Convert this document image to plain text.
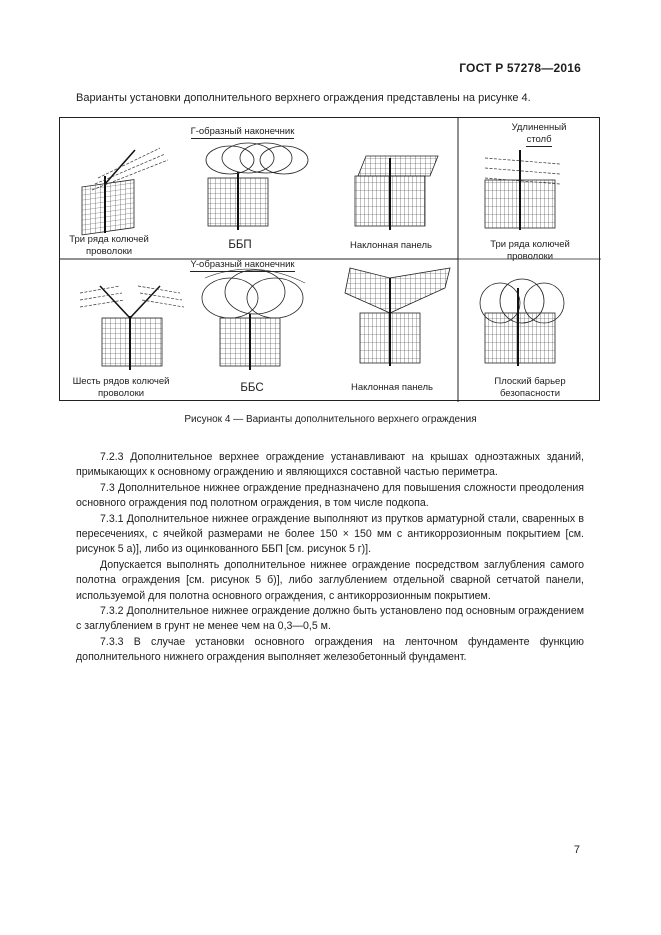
ГОСТ Р 57278—2016
Варианты установки дополнительного верхнего ограждения представлены на рисунке 4.
Г-образный наконечник
Y-образный наконечник
Удлиненный
столб
Три ряда колючей
проволоки
ББП	Наклонная панель	Три ряда колючей
проволоки
Шесть рядов колючей
проволоки	ББС	Наклонная панель
Плоский барьер
безопасности
Рисунок 4 — Варианты дополнительного верхнего ограждения

7.2.3 Дополнительное верхнее ограждение устанавливают на крышах одноэтажных зданий, примыкающих к основному ограждению и являющихся составной частью периметра.

7.3 Дополнительное нижнее ограждение предназначено для повышения сложности преодоления основного ограждения под полотном ограждения, в том числе подкопа.

7.3.1 Дополнительное нижнее ограждение выполняют из прутков арматурной стали, сваренных в пересечениях, с ячейкой размерами не более 150 × 150 мм с антикоррозионным покрытием [см. рисунок 5 а)], либо из оцинкованного ББП [см. рисунок 5 г)].

Допускается выполнять дополнительное нижнее ограждение посредством заглубления самого полотна ограждения [см. рисунок 5 б)], либо заглублением отдельной сварной сетчатой панели, используемой для полотна основного ограждения, с антикоррозионным покрытием.

7.3.2 Дополнительное нижнее ограждение должно быть установлено под основным ограждением с заглублением в грунт не менее чем на 0,3—0,5 м.

7.3.3 В случае установки основного ограждения на ленточном фундаменте функцию дополнительного нижнего ограждения выполняет железобетонный фундамент.

7
